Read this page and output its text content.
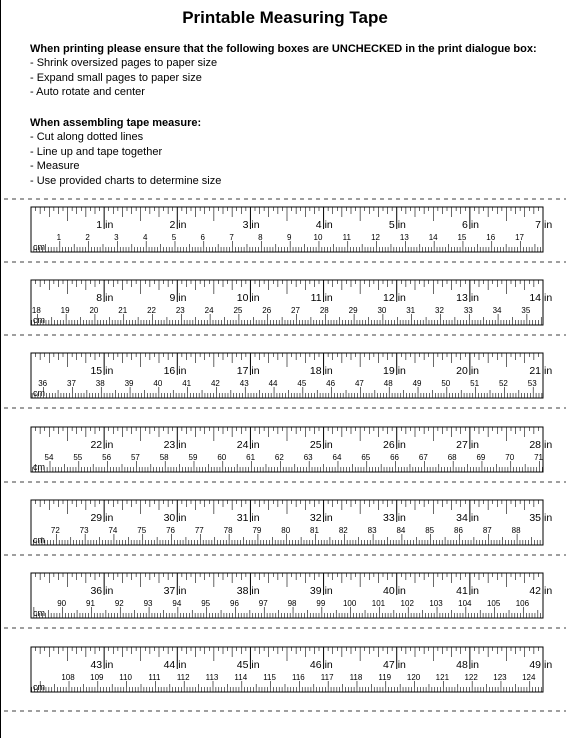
Printable Measuring Tape
When printing please ensure that the following boxes are UNCHECKED in the print dialogue box:
- Shrink oversized pages to paper size
- Expand small pages to paper size
- Auto rotate and center
When assembling tape measure:
- Cut along dotted lines
- Line up and tape together
- Measure
- Use provided charts to determine size
1 in	2 in	3 in	4 in	5 in	6 in	7
1	2	3	4	5	6	7	8	9	10	11	12 13 14 15 16 17
cm
in
8 in	9 in	10 in	11 in	12 in	13 in	14
18 19 20 21 22 23 24 25 26 27 28 29 30 31 32 33 34 35
cm
in
15 in	16 in	17 in	18 in	19 in	20 in	21
36 37 38 39 40 41 42 43 44 45 46 47 48 49 50 51 52 53
cm
in
22 in	23 in	24 in	25 in	26 in	27 in	28
54 55 56 57 58 59 60 61 62 63 64 65 66 67 68 69 70 71
cm
in
29 in	30 in	31 in	32 in	33 in	34 in	35
72 73 74 75 76 77 78 79 80 81 82 83 84 85 86 87 88
cm
in
36 in	37 in	38 in	39 in	40 in	41 in	42
90 91 92 93 94 95 96 97 98 99 100 101 102 103 104 105 106
cm
in
43 in	44 in	45 in	46 in	47 in	48 in	49
108 109 110 111 112 113 114 115 116 117 118 119 120 121 122 123 124
cm
in
